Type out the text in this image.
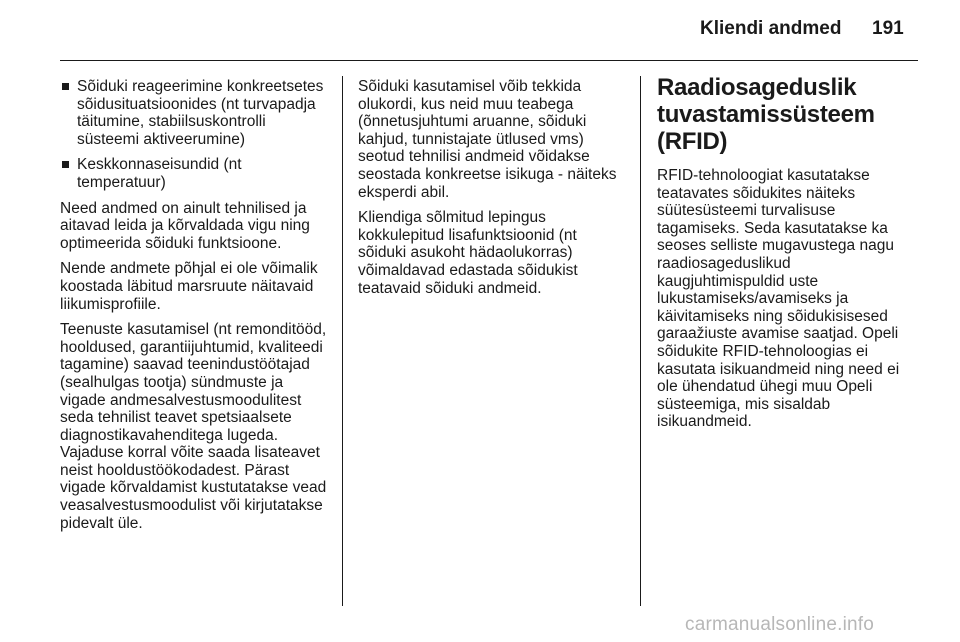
Kliendi andmed 191
Sõiduki reageerimine konkreetsetes sõidusituatsioonides (nt turvapadja täitumine, stabiilsuskontrolli süsteemi aktiveerumine)
Keskkonnaseisundid (nt temperatuur)

Need andmed on ainult tehnilised ja aitavad leida ja kõrvaldada vigu ning optimeerida sõiduki funktsioone.

Nende andmete põhjal ei ole võimalik koostada läbitud marsruute näitavaid liikumisprofiile.

Teenuste kasutamisel (nt remonditööd, hooldused, garantiijuhtumid, kvaliteedi tagamine) saavad teenindustöötajad (sealhulgas tootja) sündmuste ja vigade andmesalvestusmoodulitest seda tehnilist teavet spetsiaalsete diagnostikavahenditega lugeda. Vajaduse korral võite saada lisateavet neist hooldustöökodadest. Pärast vigade kõrvaldamist kustutatakse vead veasalvestusmoodulist või kirjutatakse pidevalt üle.

Sõiduki kasutamisel võib tekkida olukordi, kus neid muu teabega (õnnetusjuhtumi aruanne, sõiduki kahjud, tunnistajate ütlused vms) seotud tehnilisi andmeid võidakse seostada konkreetse isikuga - näiteks eksperdi abil.

Kliendiga sõlmitud lepingus kokkulepitud lisafunktsioonid (nt sõiduki asukoht hädaolukorras) võimaldavad edastada sõidukist teatavaid sõiduki andmeid.

Raadiosageduslik tuvastamissüsteem (RFID)

RFID-tehnoloogiat kasutatakse teatavates sõidukites näiteks süütesüsteemi turvalisuse tagamiseks. Seda kasutatakse ka seoses selliste mugavustega nagu raadiosageduslikud kaugjuhtimispuldid uste lukustamiseks/avamiseks ja käivitamiseks ning sõidukisisesed garaažiuste avamise saatjad. Opeli sõidukite RFID-tehnoloogias ei kasutata isikuandmeid ning need ei ole ühendatud ühegi muu Opeli süsteemiga, mis sisaldab isikuandmeid.

carmanualsonline.info
